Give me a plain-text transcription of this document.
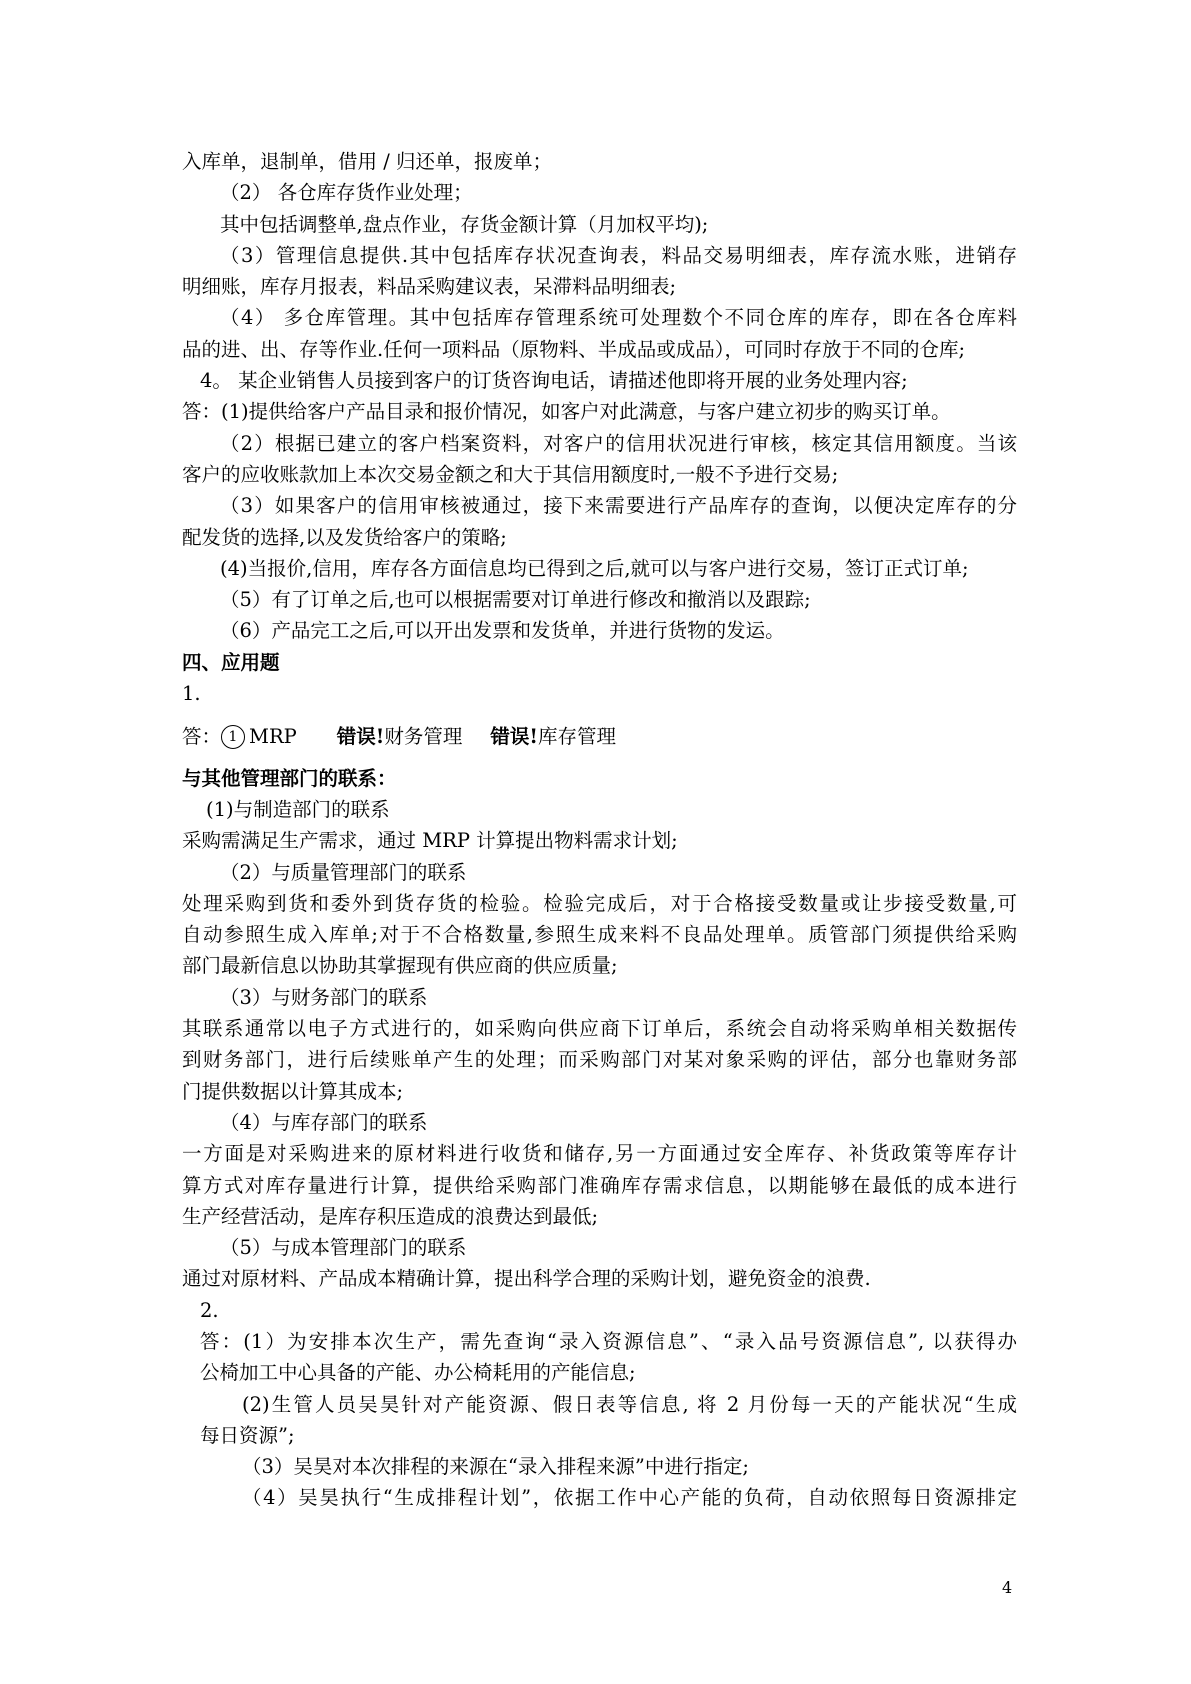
入库单，退制单，借用 / 归还单，报废单；
（2） 各仓库存货作业处理；
其中包括调整单,盘点作业，存货金额计算（月加权平均);
（3）管理信息提供.其中包括库存状况查询表，料品交易明细表，库存流水账，进销存
明细账，库存月报表，料品采购建议表，呆滞料品明细表;
（4） 多仓库管理。其中包括库存管理系统可处理数个不同仓库的库存，即在各仓库料
品的进、出、存等作业.任何一项料品（原物料、半成品或成品），可同时存放于不同的仓库;
4。 某企业销售人员接到客户的订货咨询电话，请描述他即将开展的业务处理内容;
答：(1)提供给客户产品目录和报价情况，如客户对此满意，与客户建立初步的购买订单。
（2）根据已建立的客户档案资料，对客户的信用状况进行审核，核定其信用额度。当该
客户的应收账款加上本次交易金额之和大于其信用额度时,一般不予进行交易;
（3）如果客户的信用审核被通过，接下来需要进行产品库存的查询，以便决定库存的分
配发货的选择,以及发货给客户的策略;
(4)当报价,信用，库存各方面信息均已得到之后,就可以与客户进行交易，签订正式订单;
（5）有了订单之后,也可以根据需要对订单进行修改和撤消以及跟踪;
（6）产品完工之后,可以开出发票和发货单，并进行货物的发运。
四、应用题
1.
答： 1 MRP 错误! 财务管理 错误! 库存管理
与其他管理部门的联系：
(1)与制造部门的联系
采购需满足生产需求，通过 MRP 计算提出物料需求计划;
（2）与质量管理部门的联系
处理采购到货和委外到货存货的检验。检验完成后，对于合格接受数量或让步接受数量,可
自动参照生成入库单;对于不合格数量,参照生成来料不良品处理单。质管部门须提供给采购
部门最新信息以协助其掌握现有供应商的供应质量;
（3）与财务部门的联系
其联系通常以电子方式进行的，如采购向供应商下订单后，系统会自动将采购单相关数据传
到财务部门，进行后续账单产生的处理；而采购部门对某对象采购的评估，部分也靠财务部
门提供数据以计算其成本;
（4）与库存部门的联系
一方面是对采购进来的原材料进行收货和储存,另一方面通过安全库存、补货政策等库存计
算方式对库存量进行计算，提供给采购部门准确库存需求信息，以期能够在最低的成本进行
生产经营活动，是库存积压造成的浪费达到最低;
（5）与成本管理部门的联系
通过对原材料、产品成本精确计算，提出科学合理的采购计划，避免资金的浪费.
2.
答：(1）为安排本次生产，需先查询“录入资源信息”、“录入品号资源信息”, 以获得办
公椅加工中心具备的产能、办公椅耗用的产能信息;
(2)生管人员吴昊针对产能资源、假日表等信息, 将 2 月份每一天的产能状况“生成
每日资源”;
（3）吴昊对本次排程的来源在“录入排程来源”中进行指定;
（4）吴昊执行“生成排程计划”，依据工作中心产能的负荷，自动依照每日资源排定
4
